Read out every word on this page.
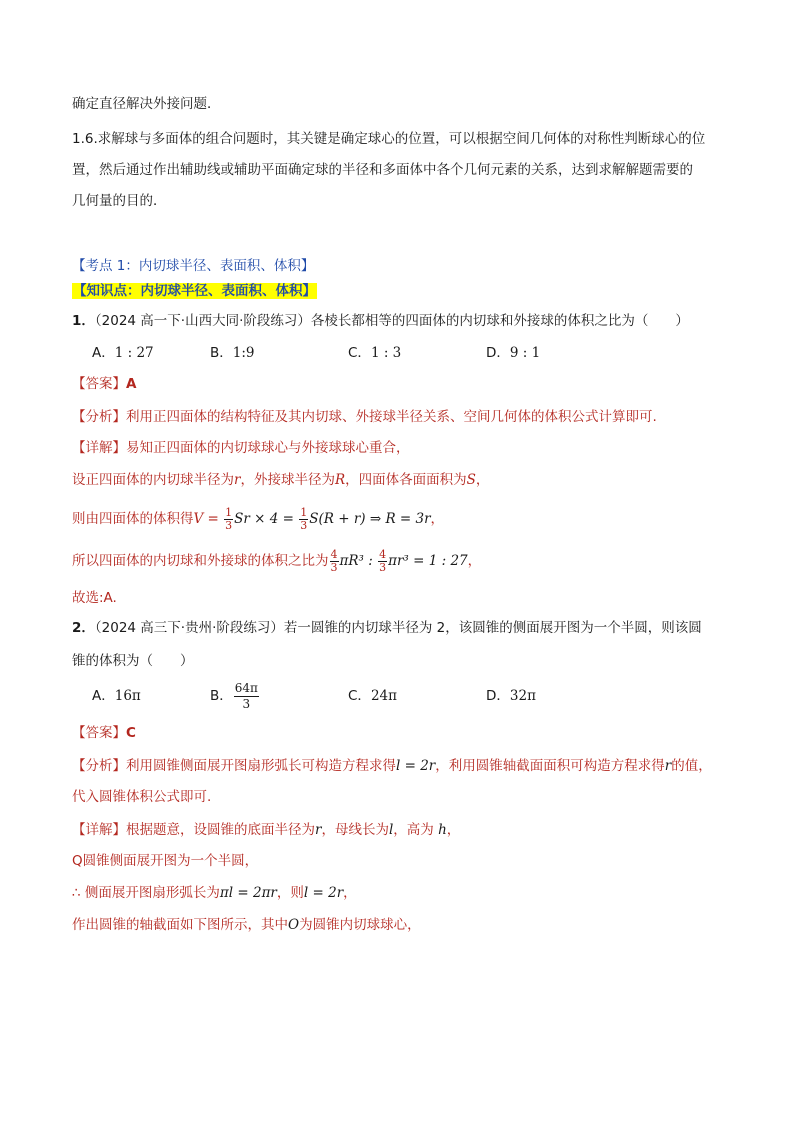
确定直径解决外接问题．
1.6.求解球与多面体的组合问题时，其关键是确定球心的位置，可以根据空间几何体的对称性判断球心的位
置，然后通过作出辅助线或辅助平面确定球的半径和多面体中各个几何元素的关系，达到求解解题需要的
几何量的目的．
【考点 1：内切球半径、表面积、体积】
【知识点：内切球半径、表面积、体积】
1．（2024 高一下·山西大同·阶段练习）各棱长都相等的四面体的内切球和外接球的体积之比为（　　）
A．1 : 27	B．1:9	C．1 : 3	D．9 : 1
【答案】A
【分析】利用正四面体的结构特征及其内切球、外接球半径关系、空间几何体的体积公式计算即可.
【详解】易知正四面体的内切球球心与外接球球心重合，
设正四面体的内切球半径为r，外接球半径为R，四面体各面面积为S，
则由四面体的体积得$V = \frac{1}{3}$ $Sr \times 4 = \frac{1}{3} S(R + r)$ ⇒ R = 3r，
所以四面体的内切球和外接球的体积之比为 $\frac{4}{3} \pi R^3$ : $\frac{4}{3} \pi r^3 = 1$ : 27，
故选:A.
2．（2024 高三下·贵州·阶段练习）若一圆锥的内切球半径为 2，该圆锥的侧面展开图为一个半圆，则该圆
锥的体积为（　　）
A．16π	B． $\frac{64\pi}{3}$	C．24π	D．32π
【答案】C
【分析】利用圆锥侧面展开图扇形弧长可构造方程求得l = 2r，利用圆锥轴截面面积可构造方程求得r的值，
代入圆锥体积公式即可.
【详解】根据题意，设圆锥的底面半径为r，母线长为l，高为 h，
Q圆锥侧面展开图为一个半圆，
∴ 侧面展开图扇形弧长为πl = 2πr，则l = 2r，
作出圆锥的轴截面如下图所示，其中O为圆锥内切球球心，
